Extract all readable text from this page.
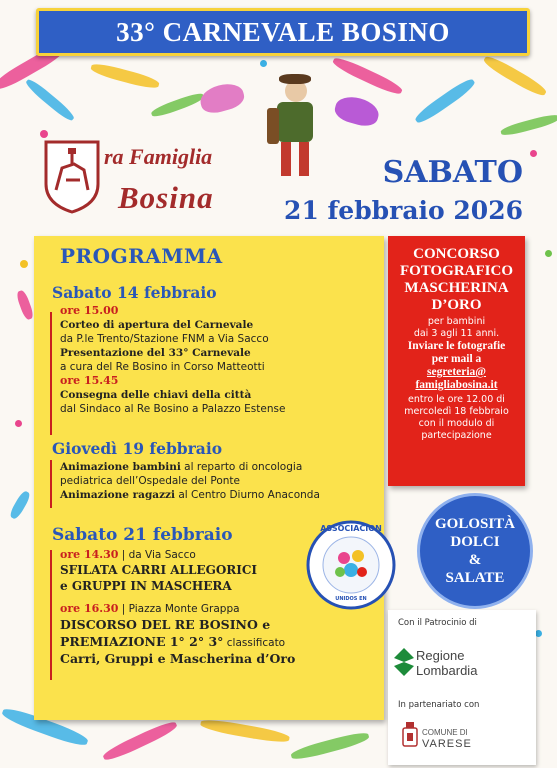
33° CARNEVALE BOSINO
ra Famiglia
Bosina
SABATO
21 febbraio 2026
PROGRAMMA
Sabato 14 febbraio
ore 15.00
Corteo di apertura del Carnevale
da P.le Trento/Stazione FNM a Via Sacco
Presentazione del 33° Carnevale
a cura del Re Bosino in Corso Matteotti
ore 15.45
Consegna delle chiavi della città
dal Sindaco al Re Bosino a Palazzo Estense
Giovedì 19 febbraio
Animazione bambini al reparto di oncologia
pediatrica dell’Ospedale del Ponte
Animazione ragazzi al Centro Diurno Anaconda
Sabato 21 febbraio
ore 14.30 | da Via Sacco
SFILATA CARRI ALLEGORICI
e GRUPPI IN MASCHERA
ore 16.30 | Piazza Monte Grappa
DISCORSO DEL RE BOSINO e
PREMIAZIONE 1° 2° 3° classificato
Carri, Gruppi e Mascherina d’Oro
CONCORSO
FOTOGRAFICO
MASCHERINA
D’ORO
per bambini
dai 3 agli 11 anni.
Inviare le fotografie
per mail a
segreteria@
famigliabosina.it
entro le ore 12.00 di
mercoledì 18 febbraio
con il modulo di
partecipazione
GOLOSITÀ
DOLCI
&
SALATE
ASSOCIACION
UNIDOS EN
Con il Patrocinio di
Regione
Lombardia
In partenariato con
COMUNE DI
VARESE
